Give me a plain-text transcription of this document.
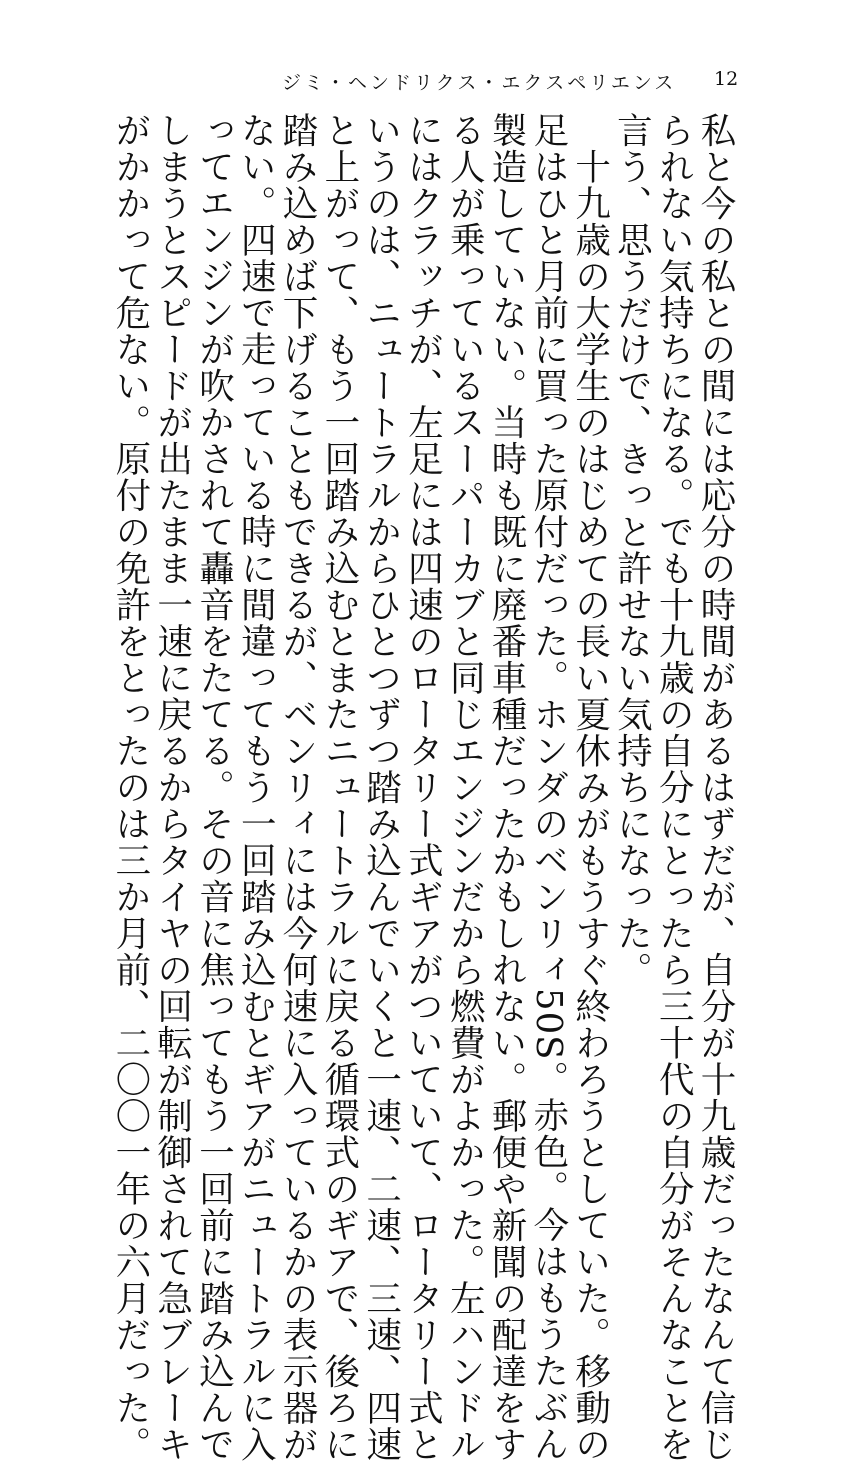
ジミ・ヘンドリクス・エクスペリエンス 12
私と今の私との間には応分の時間があるはずだが、自分が十九歳だったなんて信じ
られない気持ちになる。でも十九歳の自分にとったら三十代の自分がそんなことを
言う、思うだけで、きっと許せない気持ちになった。
　十九歳の大学生のはじめての長い夏休みがもうすぐ終わろうとしていた。移動の
足はひと月前に買った原付だった。ホンダのベンリィ50S。赤色。今はもうたぶん
製造していない。当時も既に廃番車種だったかもしれない。郵便や新聞の配達をす
る人が乗っているスーパーカブと同じエンジンだから燃費がよかった。左ハンドル
にはクラッチが、左足には四速のロータリー式ギアがついていて、ロータリー式と
いうのは、ニュートラルからひとつずつ踏み込んでいくと一速、二速、三速、四速
と上がって、もう一回踏み込むとまたニュートラルに戻る循環式のギアで、後ろに
踏み込めば下げることもできるが、ベンリィには今何速に入っているかの表示器が
ない。四速で走っている時に間違ってもう一回踏み込むとギアがニュートラルに入
ってエンジンが吹かされて轟音をたてる。その音に焦ってもう一回前に踏み込んで
しまうとスピードが出たまま一速に戻るからタイヤの回転が制御されて急ブレーキ
がかかって危ない。原付の免許をとったのは三か月前、二〇〇一年の六月だった。
